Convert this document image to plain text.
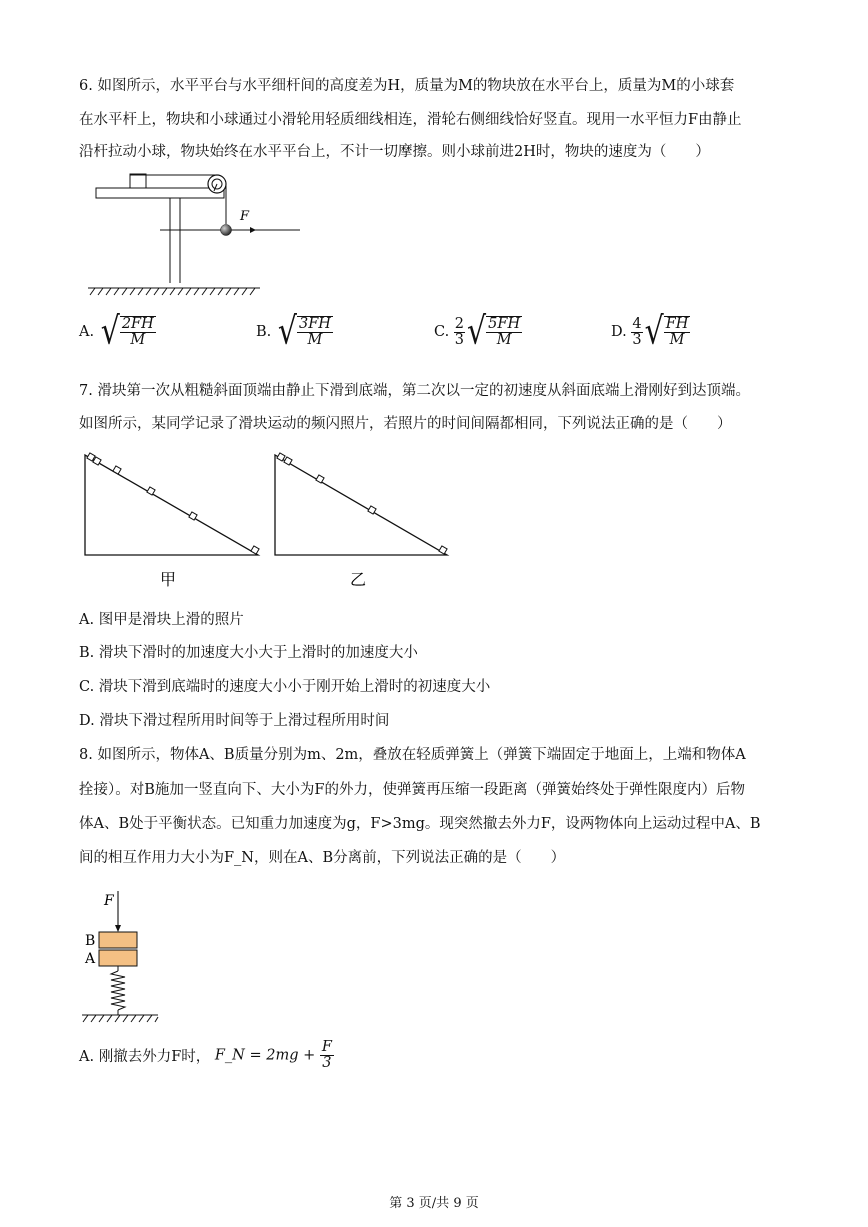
6. 如图所示，水平平台与水平细杆间的高度差为H，质量为M的物块放在水平台上，质量为M的小球套
在水平杆上，物块和小球通过小滑轮用轻质细线相连，滑轮右侧细线恰好竖直。现用一水平恒力F由静止
沿杆拉动小球，物块始终在水平平台上，不计一切摩擦。则小球前进2H时，物块的速度为（　　）
F
A. √ $\frac{2FH}{M}$	B. √ $\frac{3FH}{M}$	C. $\frac{2}{3}$ √ $\frac{5FH}{M}$	D. $\frac{4}{3}$ √ $\frac{FH}{M}$
7. 滑块第一次从粗糙斜面顶端由静止下滑到底端，第二次以一定的初速度从斜面底端上滑刚好到达顶端。
如图所示，某同学记录了滑块运动的频闪照片，若照片的时间间隔都相同，下列说法正确的是（　　）
甲	乙
A. 图甲是滑块上滑的照片
B. 滑块下滑时的加速度大小大于上滑时的加速度大小
C. 滑块下滑到底端时的速度大小小于刚开始上滑时的初速度大小
D. 滑块下滑过程所用时间等于上滑过程所用时间
8. 如图所示，物体A、B质量分别为m、2m，叠放在轻质弹簧上（弹簧下端固定于地面上，上端和物体A
拴接）。对B施加一竖直向下、大小为F的外力，使弹簧再压缩一段距离（弹簧始终处于弹性限度内）后物
体A、B处于平衡状态。已知重力加速度为g，F>3mg。现突然撤去外力F，设两物体向上运动过程中A、B
间的相互作用力大小为F_N，则在A、B分离前，下列说法正确的是（　　）
F
B
A
A. 刚撤去外力F时， F_N = $2mg + \frac{F}{3}$
第 3 页/共 9 页
